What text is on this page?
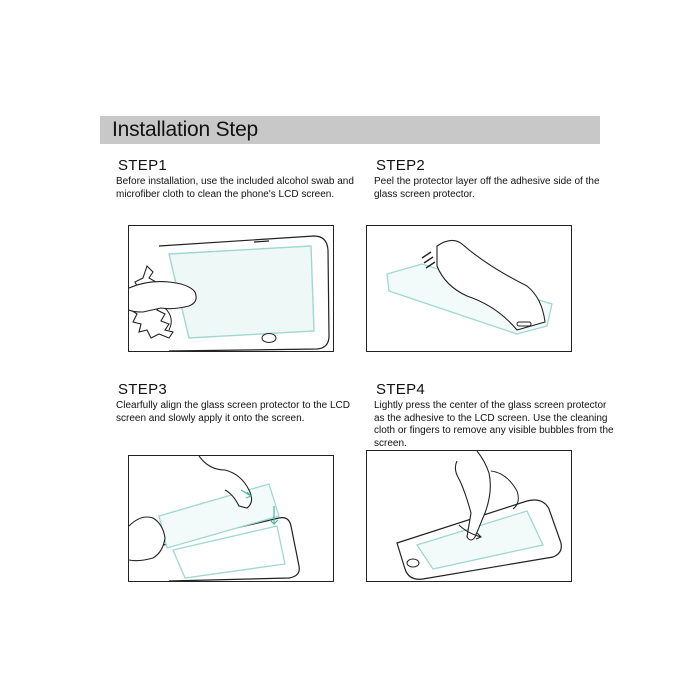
Installation Step
STEP1

Before installation, use the included alcohol swab and microfiber cloth to clean the phone's LCD screen.

STEP2

Peel the protector layer off the adhesive side of the glass screen protector.

STEP3

Clearfully align the glass screen protector to the LCD screen and slowly apply it onto the screen.

STEP4

Lightly press the center of the glass screen protector as the adhesive to the LCD screen. Use the cleaning cloth or fingers to remove any visible bubbles from the screen.
